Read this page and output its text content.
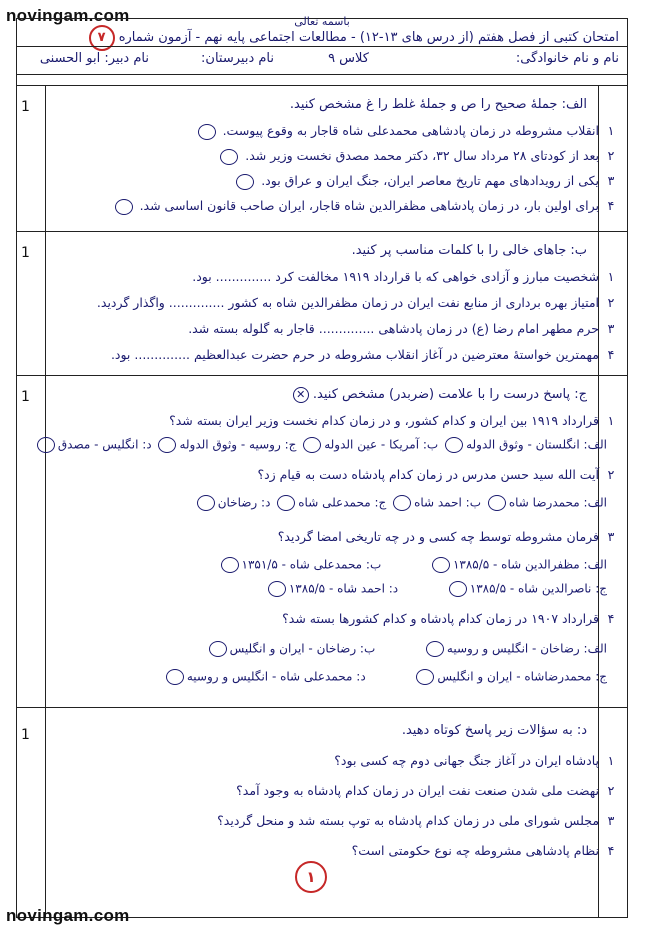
novingam.com	باسمه تعالی
امتحان کتبی از فصل هفتم (از درس های ۱۳-۱۲) - مطالعات اجتماعی پایه نهم - آزمون شماره ۷
نام و نام خانوادگی:
کلاس ۹
نام دبیرستان:
نام دبیر: ابو الحسنی
1	الف: جملهٔ صحیح را ص و جملهٔ غلط را غ مشخص کنید.
۱ انقلاب مشروطه در زمان پادشاهی محمدعلی شاه قاجار به وقوع پیوست.
۲ بعد از کودتای ۲۸ مرداد سال ۳۲، دکتر محمد مصدق نخست وزیر شد.
۳ یکی از رویدادهای مهم تاریخ معاصر ایران، جنگ ایران و عراق بود.
۴ برای اولین بار، در زمان پادشاهی مظفرالدین شاه قاجار، ایران صاحب قانون اساسی شد.
1	ب: جاهای خالی را با کلمات مناسب پر کنید.
۱ شخصیت مبارز و آزادی خواهی که با قرارداد ۱۹۱۹ مخالفت کرد .............. بود.
۲ امتیاز بهره برداری از منابع نفت ایران در زمان مظفرالدین شاه به کشور .............. واگذار گردید.
۳ حرم مطهر امام رضا (ع) در زمان پادشاهی .............. قاجار به گلوله بسته شد.
۴ مهمترین خواستهٔ معترضین در آغاز انقلاب مشروطه در حرم حضرت عبدالعظیم .............. بود.
1	ج: پاسخ درست را با علامت (ضربدر) مشخص کنید. ✕
۱ قرارداد ۱۹۱۹ بین ایران و کدام کشور، و در زمان کدام نخست وزیر ایران بسته شد؟
الف: انگلستان - وثوق الدوله ب: آمریکا - عین الدوله ج: روسیه - وثوق الدوله د: انگلیس - مصدق
۲ آیت الله سید حسن مدرس در زمان کدام پادشاه دست به قیام زد؟
الف: محمدرضا شاه ب: احمد شاه ج: محمدعلی شاه د: رضاخان
۳ فرمان مشروطه توسط چه کسی و در چه تاریخی امضا گردید؟
الف: مظفرالدین شاه - ۱۳۸۵/۵  ب: محمدعلی شاه - ۱۳۵۱/۵
ج: ناصرالدین شاه - ۱۳۸۵/۵  د: احمد شاه - ۱۳۸۵/۵
۴ قرارداد ۱۹۰۷ در زمان کدام پادشاه و کدام کشورها بسته شد؟
الف: رضاخان - انگلیس و روسیه  ب: رضاخان - ایران و انگلیس
ج: محمدرضاشاه - ایران و انگلیس  د: محمدعلی شاه - انگلیس و روسیه
1	د: به سؤالات زیر پاسخ کوتاه دهید.
۱ پادشاه ایران در آغاز جنگ جهانی دوم چه کسی بود؟
۲ نهضت ملی شدن صنعت نفت ایران در زمان کدام پادشاه به وجود آمد؟
۳ مجلس شورای ملی در زمان کدام پادشاه به توپ بسته شد و منحل گردید؟
۴ نظام پادشاهی مشروطه چه نوع حکومتی است؟
۱
novingam.com
